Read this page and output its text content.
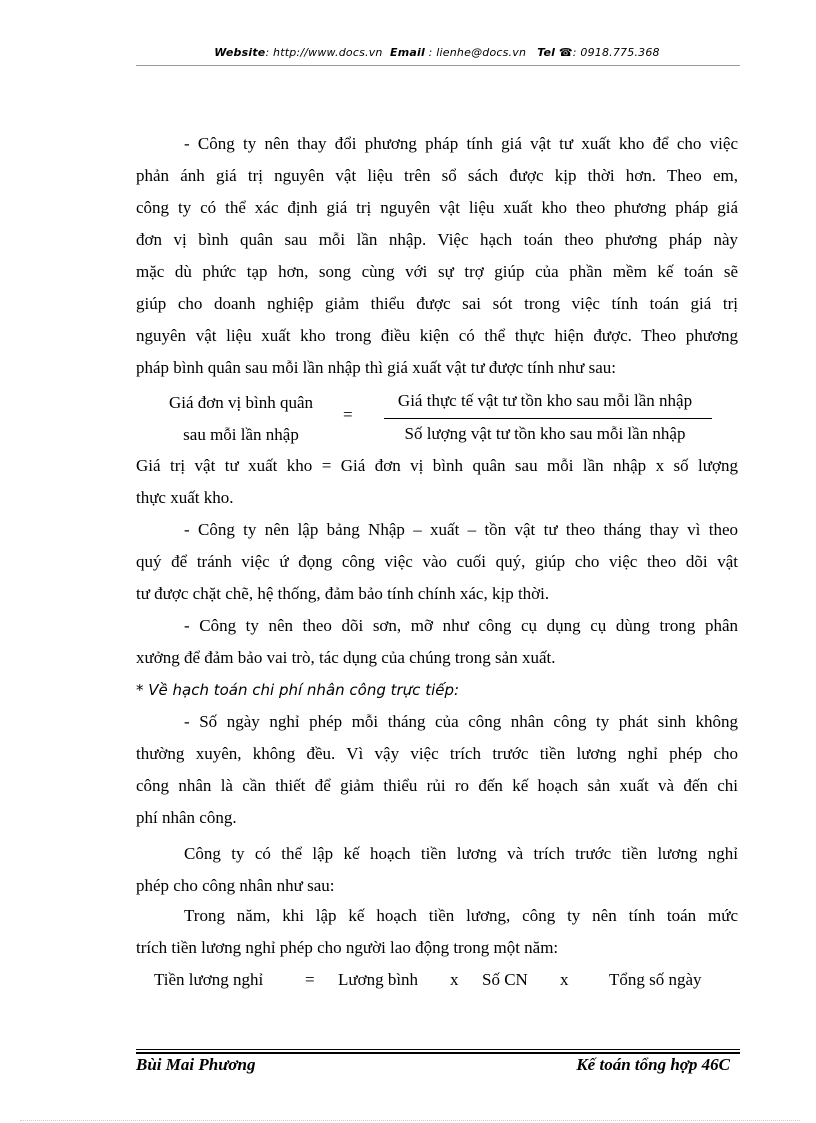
Website: http://www.docs.vn Email : lienhe@docs.vn Tel ☎: 0918.775.368

- Công ty nên thay đổi phương pháp tính giá vật tư xuất kho để cho việc

phản ánh giá trị nguyên vật liệu trên sổ sách được kịp thời hơn. Theo em,

công ty có thể xác định giá trị nguyên vật liệu xuất kho theo phương pháp giá

đơn vị bình quân sau mỗi lần nhập. Việc hạch toán theo phương pháp này

mặc dù phức tạp hơn, song cùng với sự trợ giúp của phần mềm kế toán sẽ

giúp cho doanh nghiệp giảm thiểu được sai sót trong việc tính toán giá trị

nguyên vật liệu xuất kho trong điều kiện có thể thực hiện được. Theo phương

pháp bình quân sau mỗi lần nhập thì giá xuất vật tư được tính như sau:

Giá đơn vị bình quân
sau mỗi lần nhập
=
Giá thực tế vật tư tồn kho sau mỗi lần nhập
Số lượng vật tư tồn kho sau mỗi lần nhập

Giá trị vật tư xuất kho = Giá đơn vị bình quân sau mỗi lần nhập x số lượng

thực xuất kho.

- Công ty nên lập bảng Nhập – xuất – tồn vật tư theo tháng thay vì theo

quý để tránh việc ứ đọng công việc vào cuối quý, giúp cho việc theo dõi vật

tư được chặt chẽ, hệ thống, đảm bảo tính chính xác, kịp thời.

- Công ty nên theo dõi sơn, mỡ như công cụ dụng cụ dùng trong phân

xưởng để đảm bảo vai trò, tác dụng của chúng trong sản xuất.

* Về hạch toán chi phí nhân công trực tiếp:

- Số ngày nghỉ phép mỗi tháng của công nhân công ty phát sinh không

thường xuyên, không đều. Vì vậy việc trích trước tiền lương nghỉ phép cho

công nhân là cần thiết để giảm thiểu rủi ro đến kế hoạch sản xuất và đến chi

phí nhân công.

Công ty có thể lập kế hoạch tiền lương và trích trước tiền lương nghỉ

phép cho công nhân như sau:

Trong năm, khi lập kế hoạch tiền lương, công ty nên tính toán mức

trích tiền lương nghỉ phép cho người lao động trong một năm:

Tiền lương nghỉ = Lương bình x Số CN x Tổng số ngày
Bùi Mai Phương	Kế toán tổng hợp 46C
